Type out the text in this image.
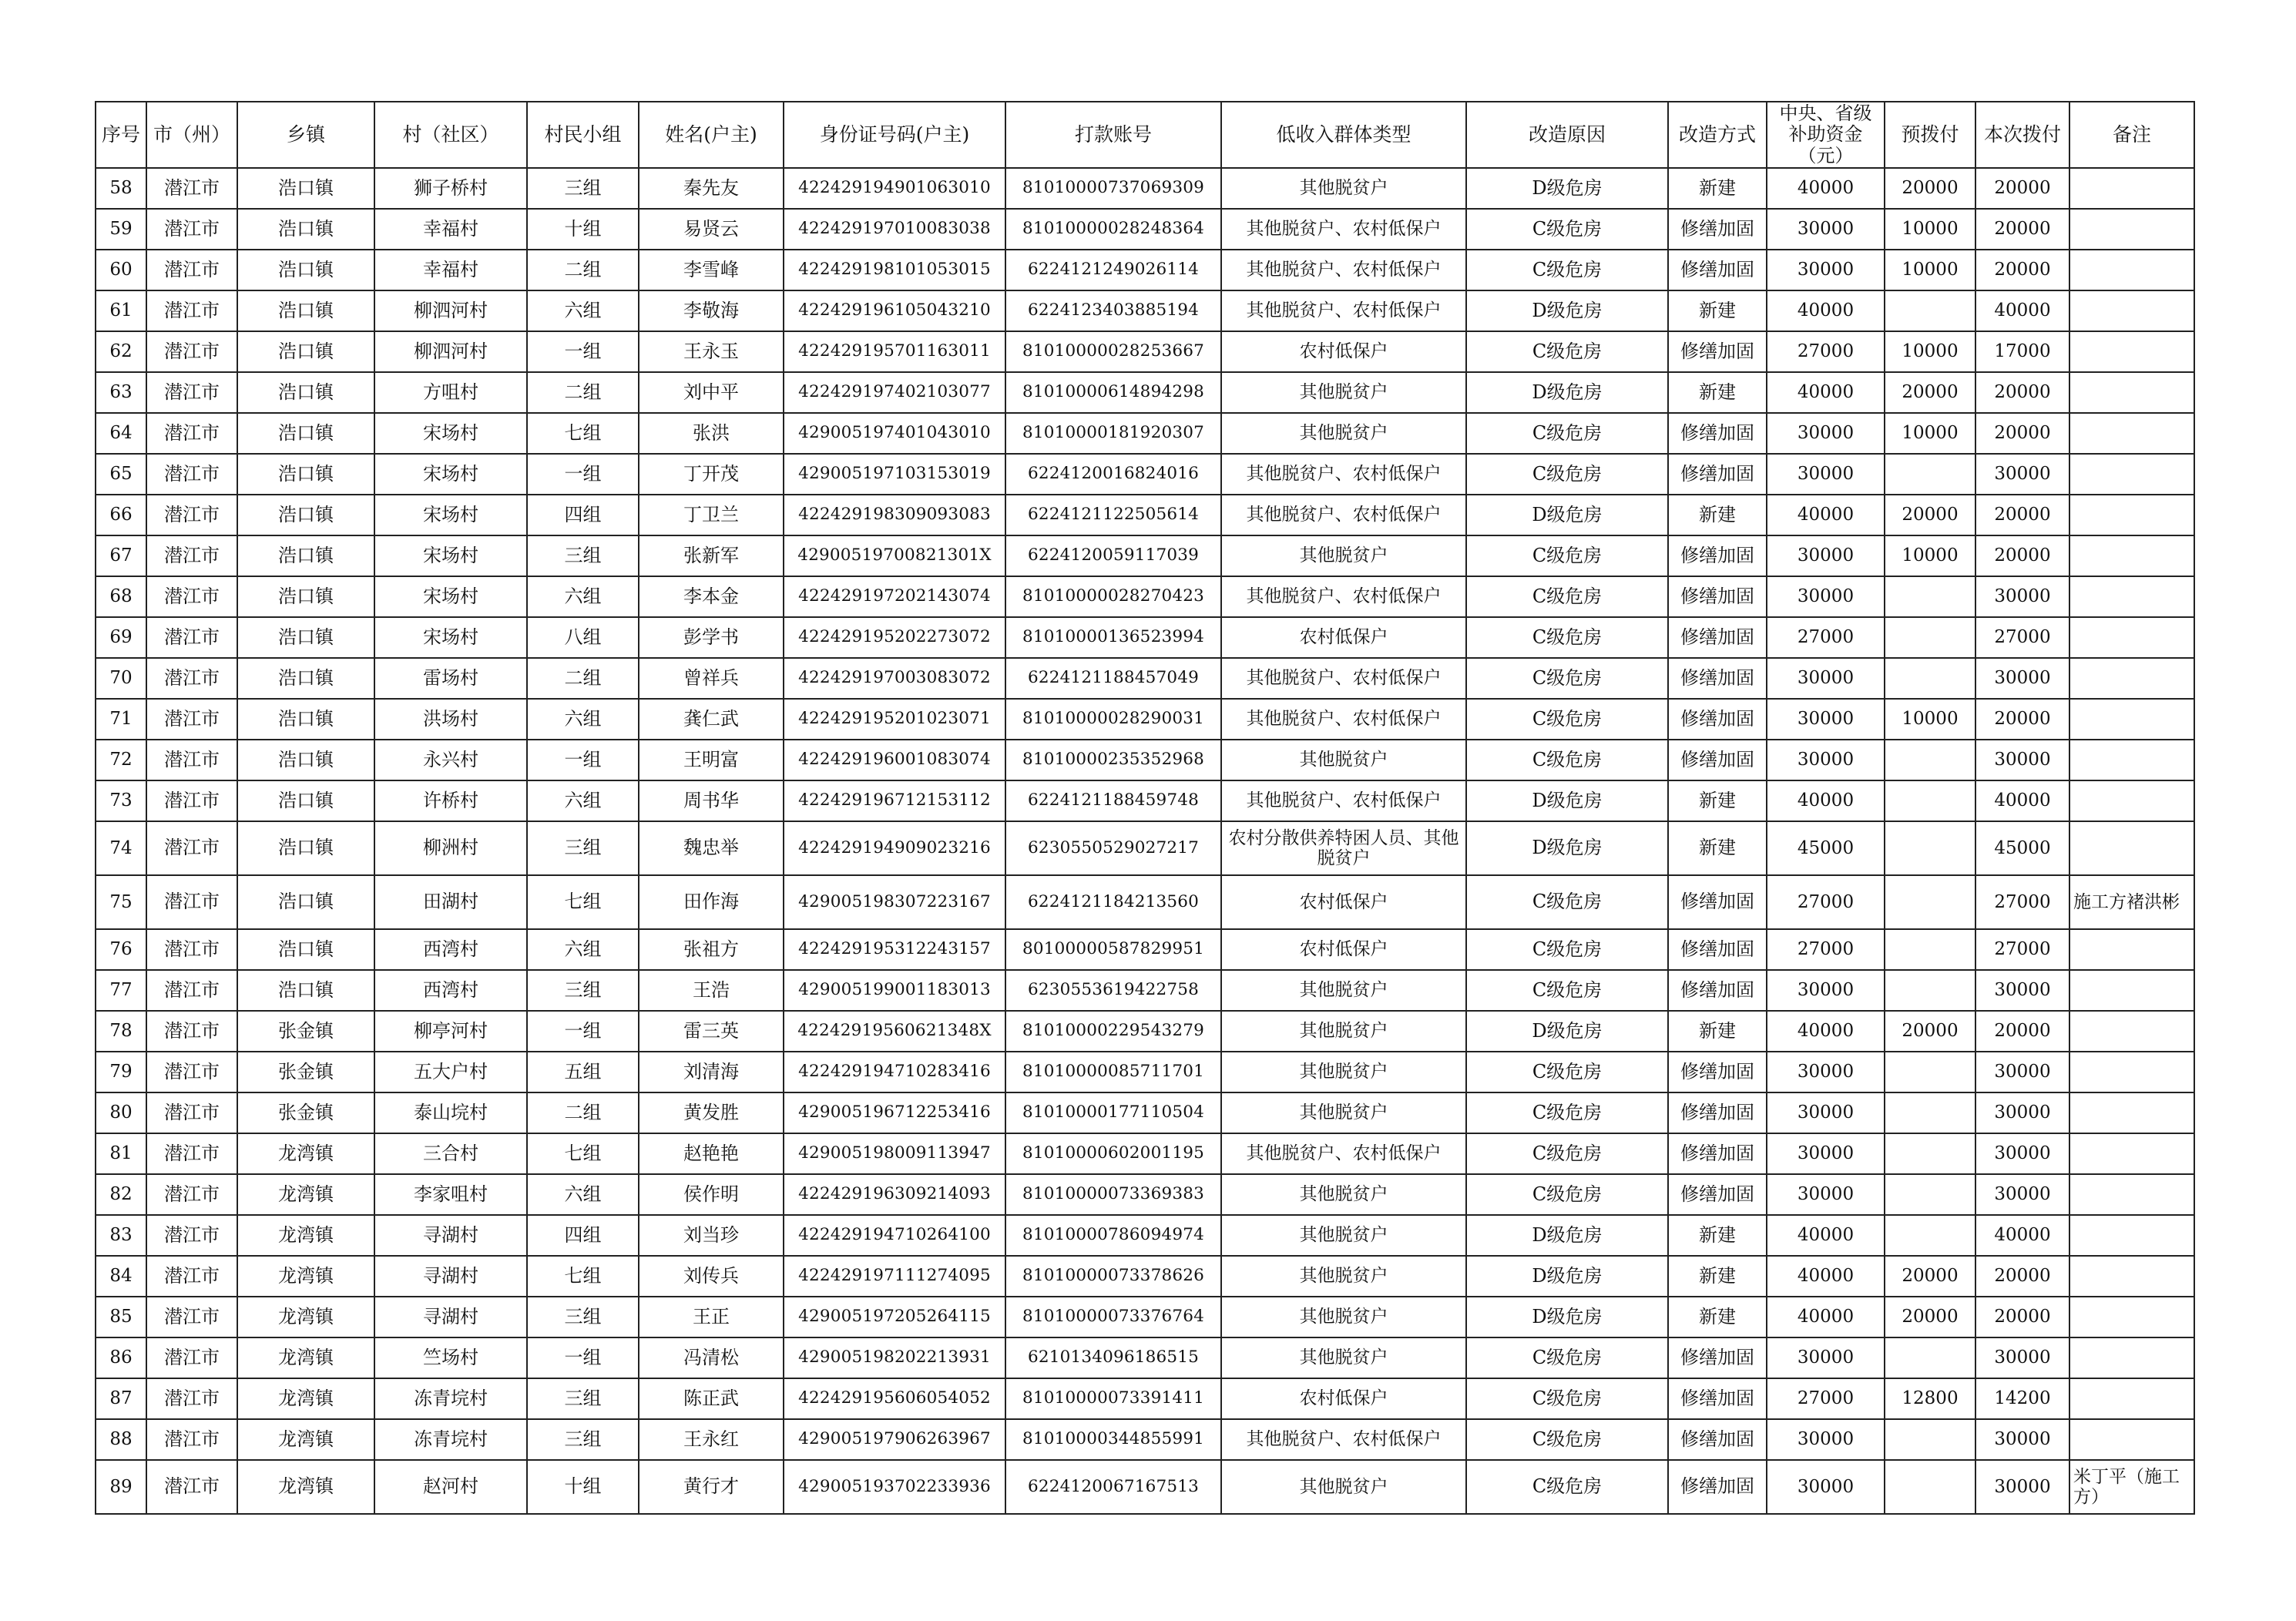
序号	市（州）	乡镇	村（社区）	村民小组	姓名(户主)	身份证号码(户主)	打款账号	低收入群体类型	改造原因	改造方式	中央、省级补助资金（元）	预拨付	本次拨付	备注
58	潜江市	浩口镇	狮子桥村	三组	秦先友	422429194901063010	81010000737069309	其他脱贫户	D级危房	新建	40000	20000	20000	
59	潜江市	浩口镇	幸福村	十组	易贤云	422429197010083038	81010000028248364	其他脱贫户、农村低保户	C级危房	修缮加固	30000	10000	20000	
60	潜江市	浩口镇	幸福村	二组	李雪峰	422429198101053015	6224121249026114	其他脱贫户、农村低保户	C级危房	修缮加固	30000	10000	20000	
61	潜江市	浩口镇	柳泗河村	六组	李敬海	422429196105043210	6224123403885194	其他脱贫户、农村低保户	D级危房	新建	40000		40000	
62	潜江市	浩口镇	柳泗河村	一组	王永玉	422429195701163011	81010000028253667	农村低保户	C级危房	修缮加固	27000	10000	17000	
63	潜江市	浩口镇	方咀村	二组	刘中平	422429197402103077	81010000614894298	其他脱贫户	D级危房	新建	40000	20000	20000	
64	潜江市	浩口镇	宋场村	七组	张洪	429005197401043010	81010000181920307	其他脱贫户	C级危房	修缮加固	30000	10000	20000	
65	潜江市	浩口镇	宋场村	一组	丁开茂	429005197103153019	6224120016824016	其他脱贫户、农村低保户	C级危房	修缮加固	30000		30000	
66	潜江市	浩口镇	宋场村	四组	丁卫兰	422429198309093083	6224121122505614	其他脱贫户、农村低保户	D级危房	新建	40000	20000	20000	
67	潜江市	浩口镇	宋场村	三组	张新军	42900519700821301X	6224120059117039	其他脱贫户	C级危房	修缮加固	30000	10000	20000	
68	潜江市	浩口镇	宋场村	六组	李本金	422429197202143074	81010000028270423	其他脱贫户、农村低保户	C级危房	修缮加固	30000		30000	
69	潜江市	浩口镇	宋场村	八组	彭学书	422429195202273072	81010000136523994	农村低保户	C级危房	修缮加固	27000		27000	
70	潜江市	浩口镇	雷场村	二组	曾祥兵	422429197003083072	6224121188457049	其他脱贫户、农村低保户	C级危房	修缮加固	30000		30000	
71	潜江市	浩口镇	洪场村	六组	龚仁武	422429195201023071	81010000028290031	其他脱贫户、农村低保户	C级危房	修缮加固	30000	10000	20000	
72	潜江市	浩口镇	永兴村	一组	王明富	422429196001083074	81010000235352968	其他脱贫户	C级危房	修缮加固	30000		30000	
73	潜江市	浩口镇	许桥村	六组	周书华	422429196712153112	6224121188459748	其他脱贫户、农村低保户	D级危房	新建	40000		40000	
74	潜江市	浩口镇	柳洲村	三组	魏忠举	422429194909023216	6230550529027217	农村分散供养特困人员、其他脱贫户	D级危房	新建	45000		45000	
75	潜江市	浩口镇	田湖村	七组	田作海	429005198307223167	6224121184213560	农村低保户	C级危房	修缮加固	27000		27000	施工方褚洪彬
76	潜江市	浩口镇	西湾村	六组	张祖方	422429195312243157	80100000587829951	农村低保户	C级危房	修缮加固	27000		27000	
77	潜江市	浩口镇	西湾村	三组	王浩	429005199001183013	6230553619422758	其他脱贫户	C级危房	修缮加固	30000		30000	
78	潜江市	张金镇	柳亭河村	一组	雷三英	42242919560621348X	81010000229543279	其他脱贫户	D级危房	新建	40000	20000	20000	
79	潜江市	张金镇	五大户村	五组	刘清海	422429194710283416	81010000085711701	其他脱贫户	C级危房	修缮加固	30000		30000	
80	潜江市	张金镇	泰山垸村	二组	黄发胜	429005196712253416	81010000177110504	其他脱贫户	C级危房	修缮加固	30000		30000	
81	潜江市	龙湾镇	三合村	七组	赵艳艳	429005198009113947	81010000602001195	其他脱贫户、农村低保户	C级危房	修缮加固	30000		30000	
82	潜江市	龙湾镇	李家咀村	六组	侯作明	422429196309214093	81010000073369383	其他脱贫户	C级危房	修缮加固	30000		30000	
83	潜江市	龙湾镇	寻湖村	四组	刘当珍	422429194710264100	81010000786094974	其他脱贫户	D级危房	新建	40000		40000	
84	潜江市	龙湾镇	寻湖村	七组	刘传兵	422429197111274095	81010000073378626	其他脱贫户	D级危房	新建	40000	20000	20000	
85	潜江市	龙湾镇	寻湖村	三组	王正	429005197205264115	81010000073376764	其他脱贫户	D级危房	新建	40000	20000	20000	
86	潜江市	龙湾镇	竺场村	一组	冯清松	429005198202213931	6210134096186515	其他脱贫户	C级危房	修缮加固	30000		30000	
87	潜江市	龙湾镇	冻青垸村	三组	陈正武	422429195606054052	81010000073391411	农村低保户	C级危房	修缮加固	27000	12800	14200	
88	潜江市	龙湾镇	冻青垸村	三组	王永红	429005197906263967	81010000344855991	其他脱贫户、农村低保户	C级危房	修缮加固	30000		30000	
89	潜江市	龙湾镇	赵河村	十组	黄行才	429005193702233936	6224120067167513	其他脱贫户	C级危房	修缮加固	30000		30000	米丁平（施工方）
